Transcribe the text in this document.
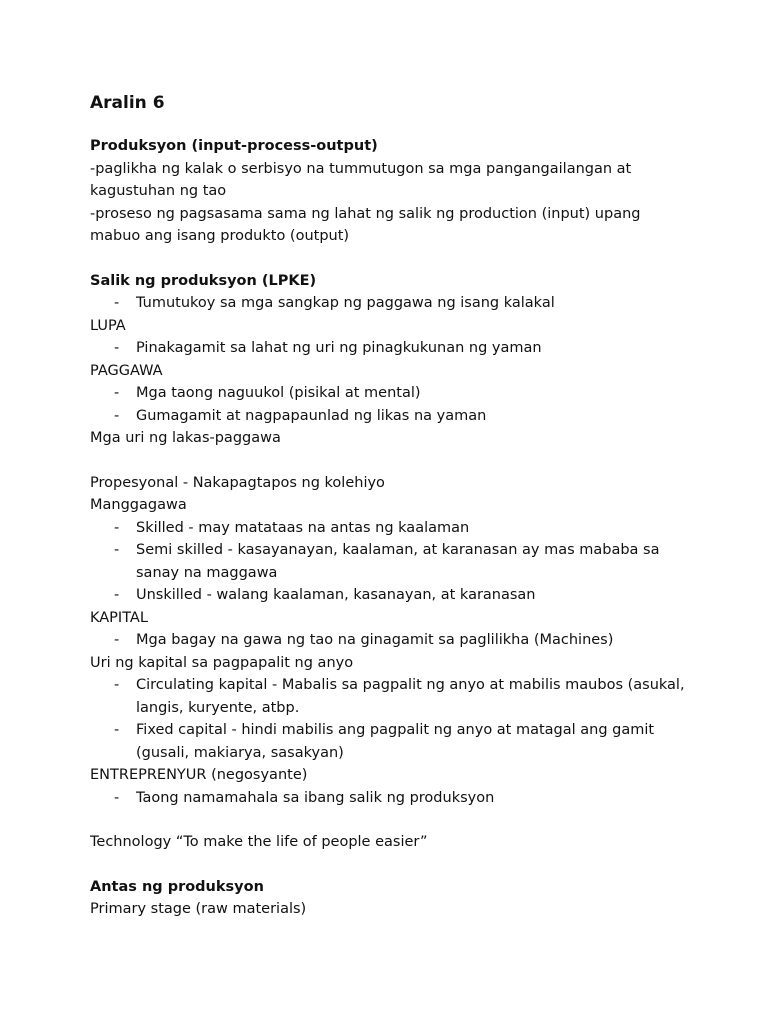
Aralin 6

Produksyon (input-process-output)

-paglikha ng kalak o serbisyo na tummutugon sa mga pangangailangan at kagustuhan ng tao

-proseso ng pagsasama sama ng lahat ng salik ng production (input) upang mabuo ang isang produkto (output)

Salik ng produksyon (LPKE)

- Tumutukoy sa mga sangkap ng paggawa ng isang kalakal

LUPA

- Pinakagamit sa lahat ng uri ng pinagkukunan ng yaman

PAGGAWA

- Mga taong naguukol (pisikal at mental)
- Gumagamit at nagpapaunlad ng likas na yaman

Mga uri ng lakas-paggawa

Propesyonal - Nakapagtapos ng kolehiyo

Manggagawa

- Skilled - may matataas na antas ng kaalaman
- Semi skilled - kasayanayan, kaalaman, at karanasan ay mas mababa sa sanay na maggawa
- Unskilled - walang kaalaman, kasanayan, at karanasan

KAPITAL

- Mga bagay na gawa ng tao na ginagamit sa paglilikha (Machines)

Uri ng kapital sa pagpapalit ng anyo

- Circulating kapital - Mabalis sa pagpalit ng anyo at mabilis maubos (asukal, langis, kuryente, atbp.
- Fixed capital - hindi mabilis ang pagpalit ng anyo at matagal ang gamit (gusali, makiarya, sasakyan)

ENTREPRENYUR (negosyante)

- Taong namamahala sa ibang salik ng produksyon

Technology “To make the life of people easier”

Antas ng produksyon

Primary stage (raw materials)
